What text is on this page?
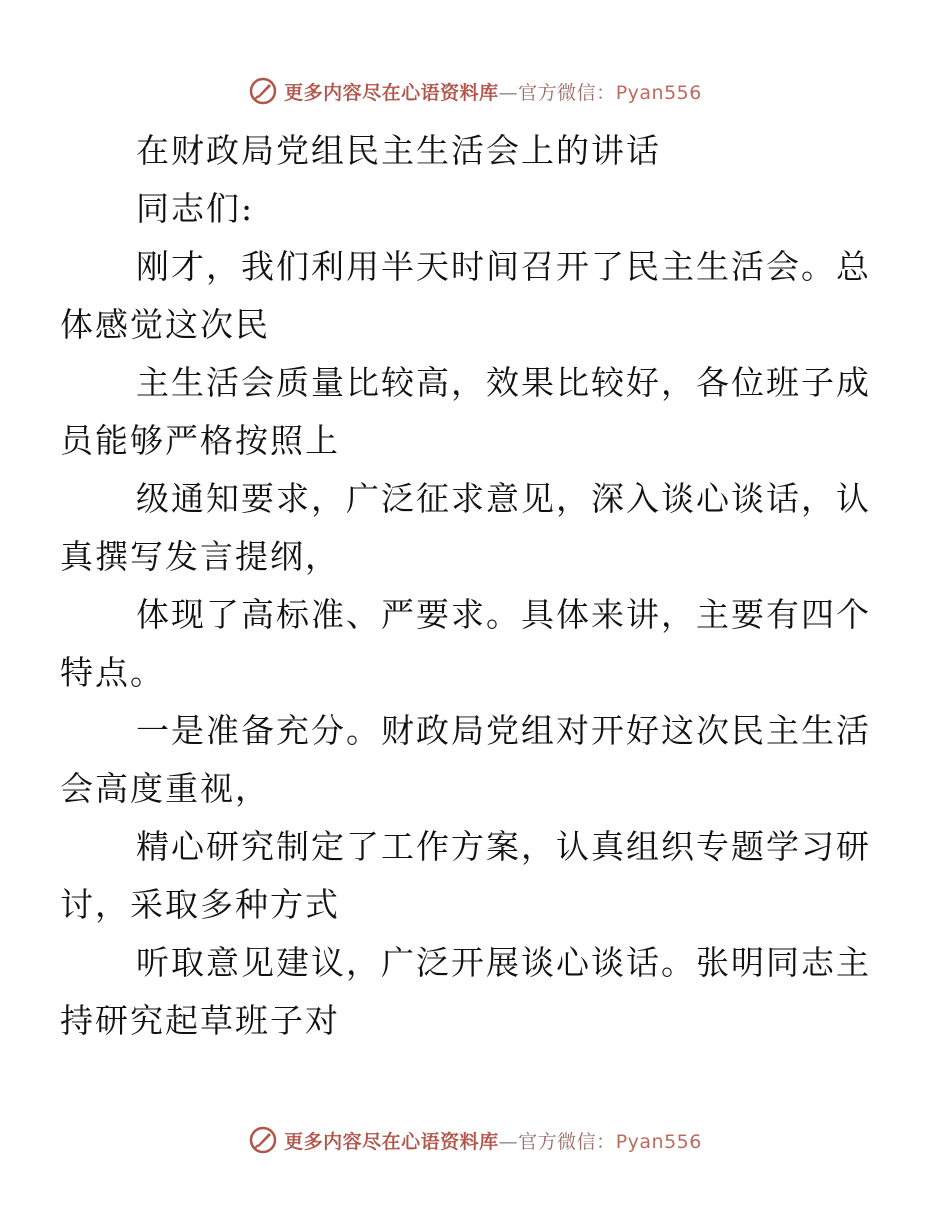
更多内容尽在心语资料库—官方微信：Pyan556

在财政局党组民主生活会上的讲话

同志们:

刚才，我们利用半天时间召开了民主生活会。总
体感觉这次民

主生活会质量比较高，效果比较好，各位班子成
员能够严格按照上

级通知要求，广泛征求意见，深入谈心谈话，认
真撰写发言提纲，

体现了高标准、严要求。具体来讲，主要有四个
特点。

一是准备充分。财政局党组对开好这次民主生活
会高度重视，

精心研究制定了工作方案，认真组织专题学习研
讨，采取多种方式

听取意见建议，广泛开展谈心谈话。张明同志主
持研究起草班子对

更多内容尽在心语资料库—官方微信：Pyan556
